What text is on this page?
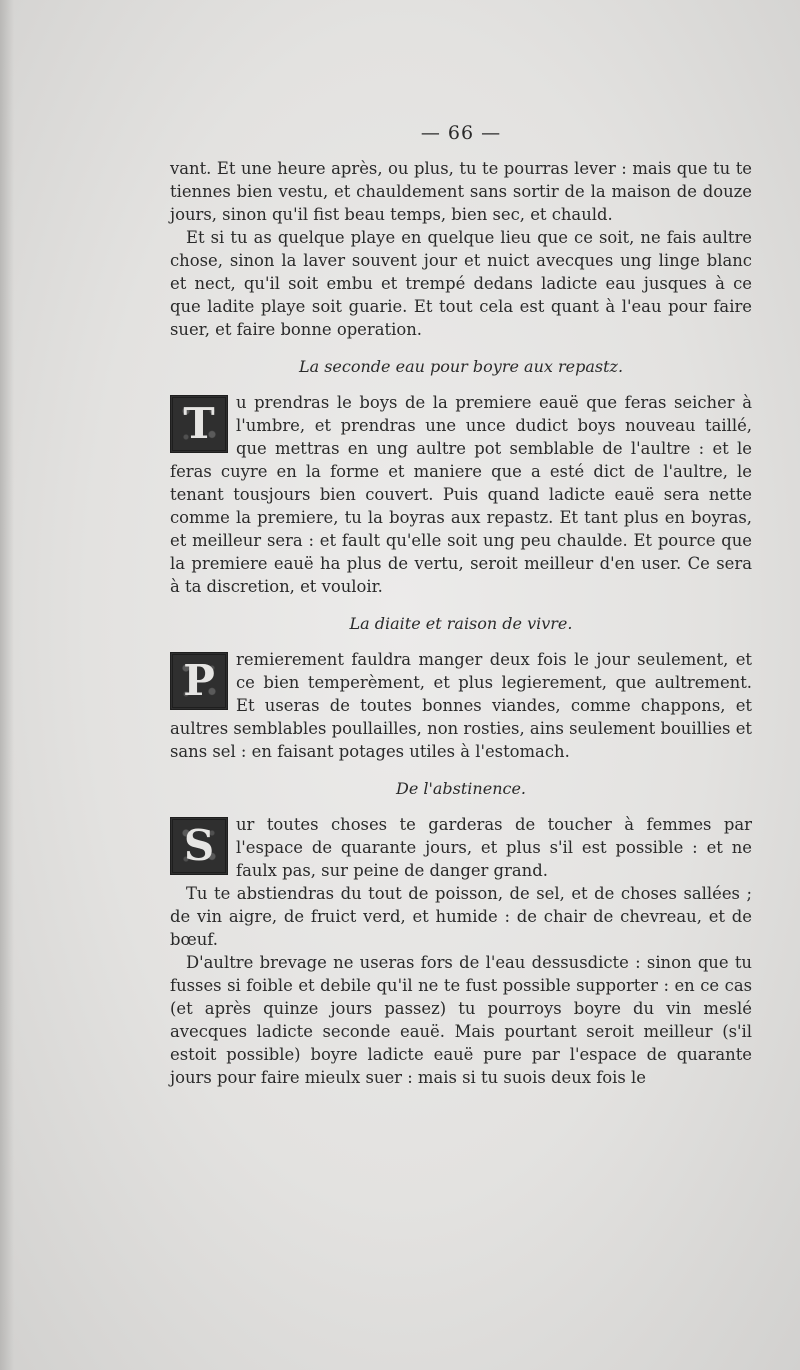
— 66 —

vant. Et une heure après, ou plus, tu te pourras lever : mais que tu te tiennes bien vestu, et chauldement sans sortir de la maison de douze jours, sinon qu'il fist beau temps, bien sec, et chauld.

Et si tu as quelque playe en quelque lieu que ce soit, ne fais aultre chose, sinon la laver souvent jour et nuict avecques ung linge blanc et nect, qu'il soit embu et trempé dedans ladicte eau jusques à ce que ladite playe soit guarie. Et tout cela est quant à l'eau pour faire suer, et faire bonne operation.

La seconde eau pour boyre aux repastz.

T	u prendras le boys de la premiere eauë que feras seicher à l'umbre, et prendras une unce dudict boys nouveau taillé, que mettras en ung aultre pot semblable de l'aultre : et le feras cuyre en la forme et maniere que a esté dict de l'aultre, le tenant tousjours bien couvert. Puis quand ladicte eauë sera nette comme la premiere, tu la boyras aux repastz. Et tant plus en boyras, et meilleur sera : et fault qu'elle soit ung peu chaulde. Et pource que la premiere eauë ha plus de vertu, seroit meilleur d'en user. Ce sera à ta discretion, et vouloir.

La diaite et raison de vivre.

P	remierement fauldra manger deux fois le jour seulement, et ce bien temperèment, et plus legierement, que aultrement. Et useras de toutes bonnes viandes, comme chappons, et aultres semblables poullailles, non rosties, ains seulement bouillies et sans sel : en faisant potages utiles à l'estomach.

De l'abstinence.

S	ur toutes choses te garderas de toucher à femmes par l'espace de quarante jours, et plus s'il est possible : et ne faulx pas, sur peine de danger grand.

Tu te abstiendras du tout de poisson, de sel, et de choses sallées ; de vin aigre, de fruict verd, et humide : de chair de chevreau, et de bœuf.

D'aultre brevage ne useras fors de l'eau dessusdicte : sinon que tu fusses si foible et debile qu'il ne te fust possible supporter : en ce cas (et après quinze jours passez) tu pourroys boyre du vin meslé avecques ladicte seconde eauë. Mais pourtant seroit meilleur (s'il estoit possible) boyre ladicte eauë pure par l'espace de quarante jours pour faire mieulx suer : mais si tu suois deux fois le
